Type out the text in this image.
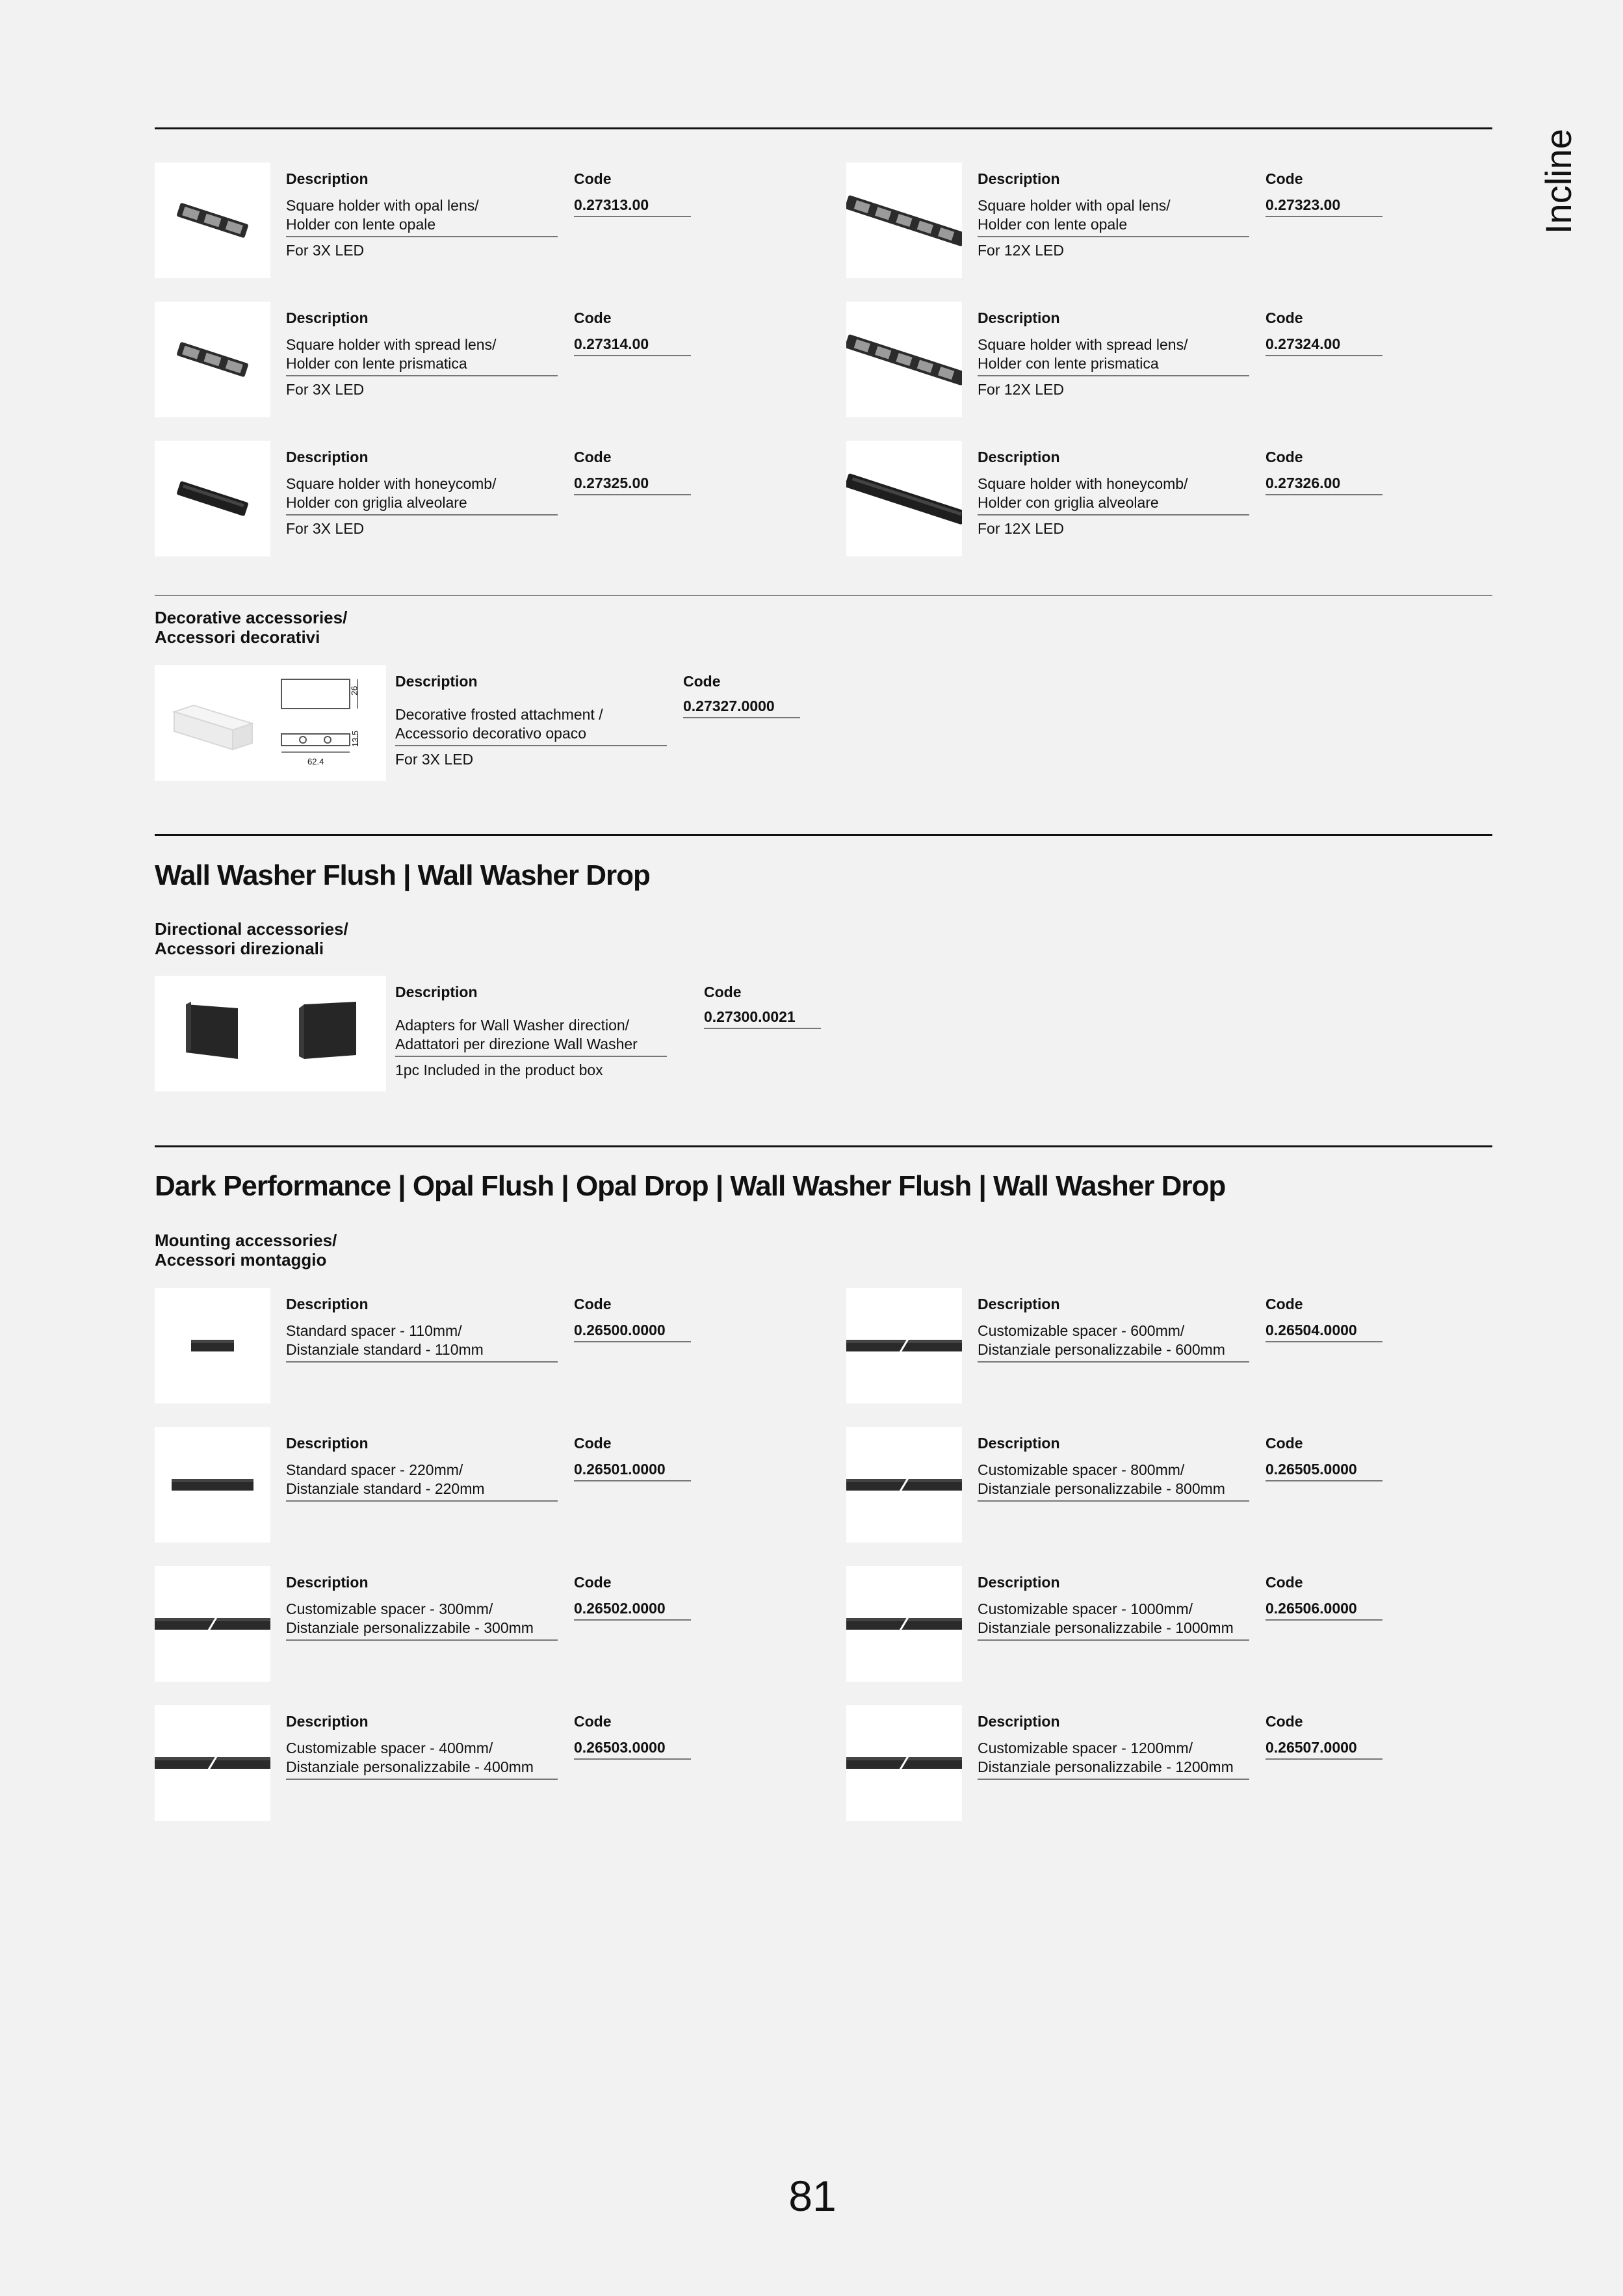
Incline
Description
Square holder with opal lens/
Holder con lente opale
For 3X LED
Code
0.27313.00
Description
Square holder with opal lens/
Holder con lente opale
For 12X LED
Code
0.27323.00
Description
Square holder with spread lens/
Holder con lente prismatica
For 3X LED
Code
0.27314.00
Description
Square holder with spread lens/
Holder con lente prismatica
For 12X LED
Code
0.27324.00
Description
Square holder with honeycomb/
Holder con griglia alveolare
For 3X LED
Code
0.27325.00
Description
Square holder with honeycomb/
Holder con griglia alveolare
For 12X LED
Code
0.27326.00
Decorative accessories/
Accessori decorativi
26
13.5
62.4
Description
Decorative frosted attachment /
Accessorio decorativo opaco
For 3X LED
Code
0.27327.0000
Wall Washer Flush | Wall Washer Drop
Directional accessories/
Accessori direzionali
Description
Adapters for Wall Washer direction/
Adattatori per direzione Wall Washer
1pc Included in the product box
Code
0.27300.0021
Dark Performance | Opal Flush | Opal Drop | Wall Washer Flush | Wall Washer Drop
Mounting accessories/
Accessori montaggio
Description
Standard spacer - 110mm/
Distanziale standard - 110mm
Code
0.26500.0000
Description
Customizable spacer - 600mm/
Distanziale personalizzabile - 600mm
Code
0.26504.0000
Description
Standard spacer - 220mm/
Distanziale standard - 220mm
Code
0.26501.0000
Description
Customizable spacer - 800mm/
Distanziale personalizzabile - 800mm
Code
0.26505.0000
Description
Customizable spacer - 300mm/
Distanziale personalizzabile - 300mm
Code
0.26502.0000
Description
Customizable spacer - 1000mm/
Distanziale personalizzabile - 1000mm
Code
0.26506.0000
Description
Customizable spacer - 400mm/
Distanziale personalizzabile - 400mm
Code
0.26503.0000
Description
Customizable spacer - 1200mm/
Distanziale personalizzabile - 1200mm
Code
0.26507.0000
81
